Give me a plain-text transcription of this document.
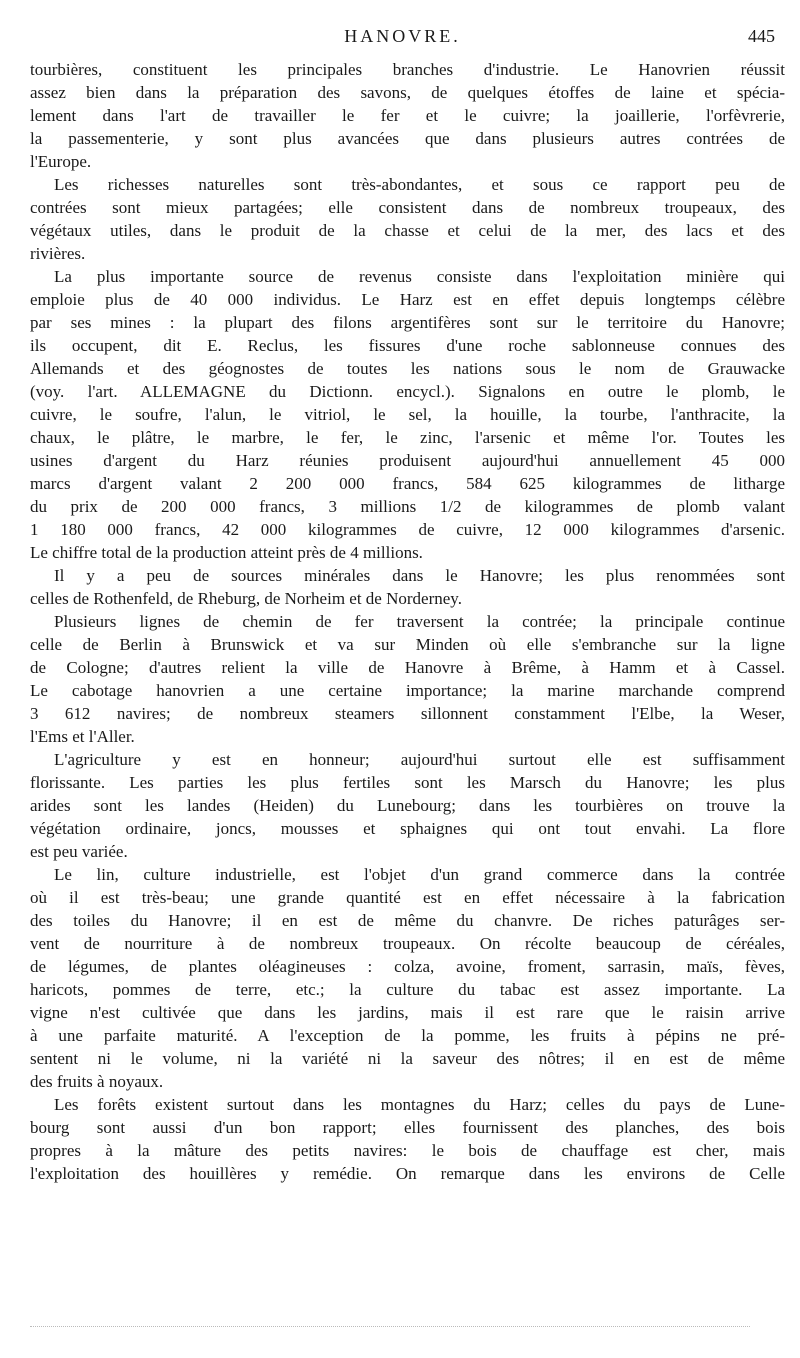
HANOVRE.	445
tourbières, constituent les principales branches d'industrie. Le Hanovrien réussit
assez bien dans la préparation des savons, de quelques étoffes de laine et spécia-
lement dans l'art de travailler le fer et le cuivre; la joaillerie, l'orfèvrerie,
la passementerie, y sont plus avancées que dans plusieurs autres contrées de
l'Europe.
Les richesses naturelles sont très-abondantes, et sous ce rapport peu de
contrées sont mieux partagées; elle consistent dans de nombreux troupeaux, des
végétaux utiles, dans le produit de la chasse et celui de la mer, des lacs et des
rivières.
La plus importante source de revenus consiste dans l'exploitation minière qui
emploie plus de 40 000 individus. Le Harz est en effet depuis longtemps célèbre
par ses mines : la plupart des filons argentifères sont sur le territoire du Hanovre;
ils occupent, dit E. Reclus, les fissures d'une roche sablonneuse connues des
Allemands et des géognostes de toutes les nations sous le nom de Grauwacke
(voy. l'art. ALLEMAGNE du Dictionn. encycl.). Signalons en outre le plomb, le
cuivre, le soufre, l'alun, le vitriol, le sel, la houille, la tourbe, l'anthracite, la
chaux, le plâtre, le marbre, le fer, le zinc, l'arsenic et même l'or. Toutes les
usines d'argent du Harz réunies produisent aujourd'hui annuellement 45 000
marcs d'argent valant 2 200 000 francs, 584 625 kilogrammes de litharge
du prix de 200 000 francs, 3 millions 1/2 de kilogrammes de plomb valant
1 180 000 francs, 42 000 kilogrammes de cuivre, 12 000 kilogrammes d'arsenic.
Le chiffre total de la production atteint près de 4 millions.
Il y a peu de sources minérales dans le Hanovre; les plus renommées sont
celles de Rothenfeld, de Rheburg, de Norheim et de Norderney.
Plusieurs lignes de chemin de fer traversent la contrée; la principale continue
celle de Berlin à Brunswick et va sur Minden où elle s'embranche sur la ligne
de Cologne; d'autres relient la ville de Hanovre à Brême, à Hamm et à Cassel.
Le cabotage hanovrien a une certaine importance; la marine marchande comprend
3 612 navires; de nombreux steamers sillonnent constamment l'Elbe, la Weser,
l'Ems et l'Aller.
L'agriculture y est en honneur; aujourd'hui surtout elle est suffisamment
florissante. Les parties les plus fertiles sont les Marsch du Hanovre; les plus
arides sont les landes (Heiden) du Lunebourg; dans les tourbières on trouve la
végétation ordinaire, joncs, mousses et sphaignes qui ont tout envahi. La flore
est peu variée.
Le lin, culture industrielle, est l'objet d'un grand commerce dans la contrée
où il est très-beau; une grande quantité est en effet nécessaire à la fabrication
des toiles du Hanovre; il en est de même du chanvre. De riches paturâges ser-
vent de nourriture à de nombreux troupeaux. On récolte beaucoup de céréales,
de légumes, de plantes oléagineuses : colza, avoine, froment, sarrasin, maïs, fèves,
haricots, pommes de terre, etc.; la culture du tabac est assez importante. La
vigne n'est cultivée que dans les jardins, mais il est rare que le raisin arrive
à une parfaite maturité. A l'exception de la pomme, les fruits à pépins ne pré-
sentent ni le volume, ni la variété ni la saveur des nôtres; il en est de même
des fruits à noyaux.
Les forêts existent surtout dans les montagnes du Harz; celles du pays de Lune-
bourg sont aussi d'un bon rapport; elles fournissent des planches, des bois
propres à la mâture des petits navires: le bois de chauffage est cher, mais
l'exploitation des houillères y remédie. On remarque dans les environs de Celle
